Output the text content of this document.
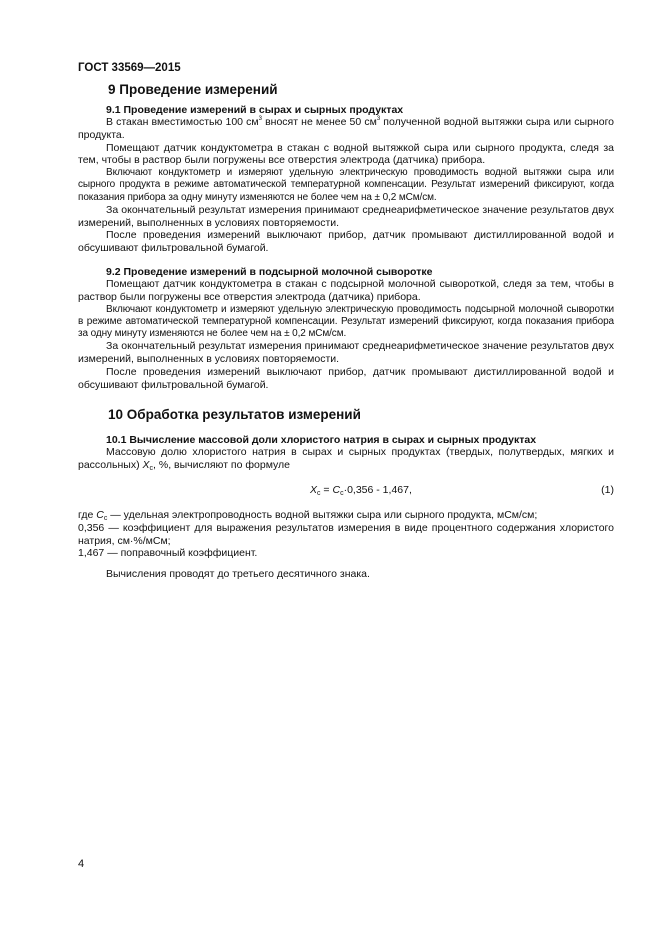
ГОСТ 33569—2015
9 Проведение измерений
9.1 Проведение измерений в сырах и сырных продуктах

В стакан вместимостью 100 $см^3$ вносят не менее 50 $см^3$ полученной водной вытяжки сыра или сырного продукта.

Помещают датчик кондуктометра в стакан с водной вытяжкой сыра или сырного продукта, следя за тем, чтобы в раствор были погружены все отверстия электрода (датчика) прибора.

Включают кондуктометр и измеряют удельную электрическую проводимость водной вытяжки сыра или сырного продукта в режиме автоматической температурной компенсации. Результат измерений фиксируют, когда показания прибора за одну минуту изменяются не более чем на ± 0,2 мСм/см.

За окончательный результат измерения принимают среднеарифметическое значение результатов двух измерений, выполненных в условиях повторяемости.

После проведения измерений выключают прибор, датчик промывают дистиллированной водой и обсушивают фильтровальной бумагой.

9.2 Проведение измерений в подсырной молочной сыворотке

Помещают датчик кондуктометра в стакан с подсырной молочной сывороткой, следя за тем, чтобы в раствор были погружены все отверстия электрода (датчика) прибора.

Включают кондуктометр и измеряют удельную электрическую проводимость подсырной молочной сыворотки в режиме автоматической температурной компенсации. Результат измерений фиксируют, когда показания прибора за одну минуту изменяются не более чем на ± 0,2 мСм/см.

За окончательный результат измерения принимают среднеарифметическое значение результатов двух измерений, выполненных в условиях повторяемости.

После проведения измерений выключают прибор, датчик промывают дистиллированной водой и обсушивают фильтровальной бумагой.

10 Обработка результатов измерений
10.1 Вычисление массовой доли хлористого натрия в сырах и сырных продуктах

Массовую долю хлористого натрия в сырах и сырных продуктах (твердых, полутвердых, мягких и рассольных) $X_c$, %, вычисляют по формуле

$X_c = C_c\cdot 0,356 - 1,467$,	(1)

где $C_c$ — удельная электропроводность водной вытяжки сыра или сырного продукта, мСм/см;

0,356 — коэффициент для выражения результатов измерения в виде процентного содержания хлористого натрия, см·%/мСм;

1,467 — поправочный коэффициент.

Вычисления проводят до третьего десятичного знака.

4
